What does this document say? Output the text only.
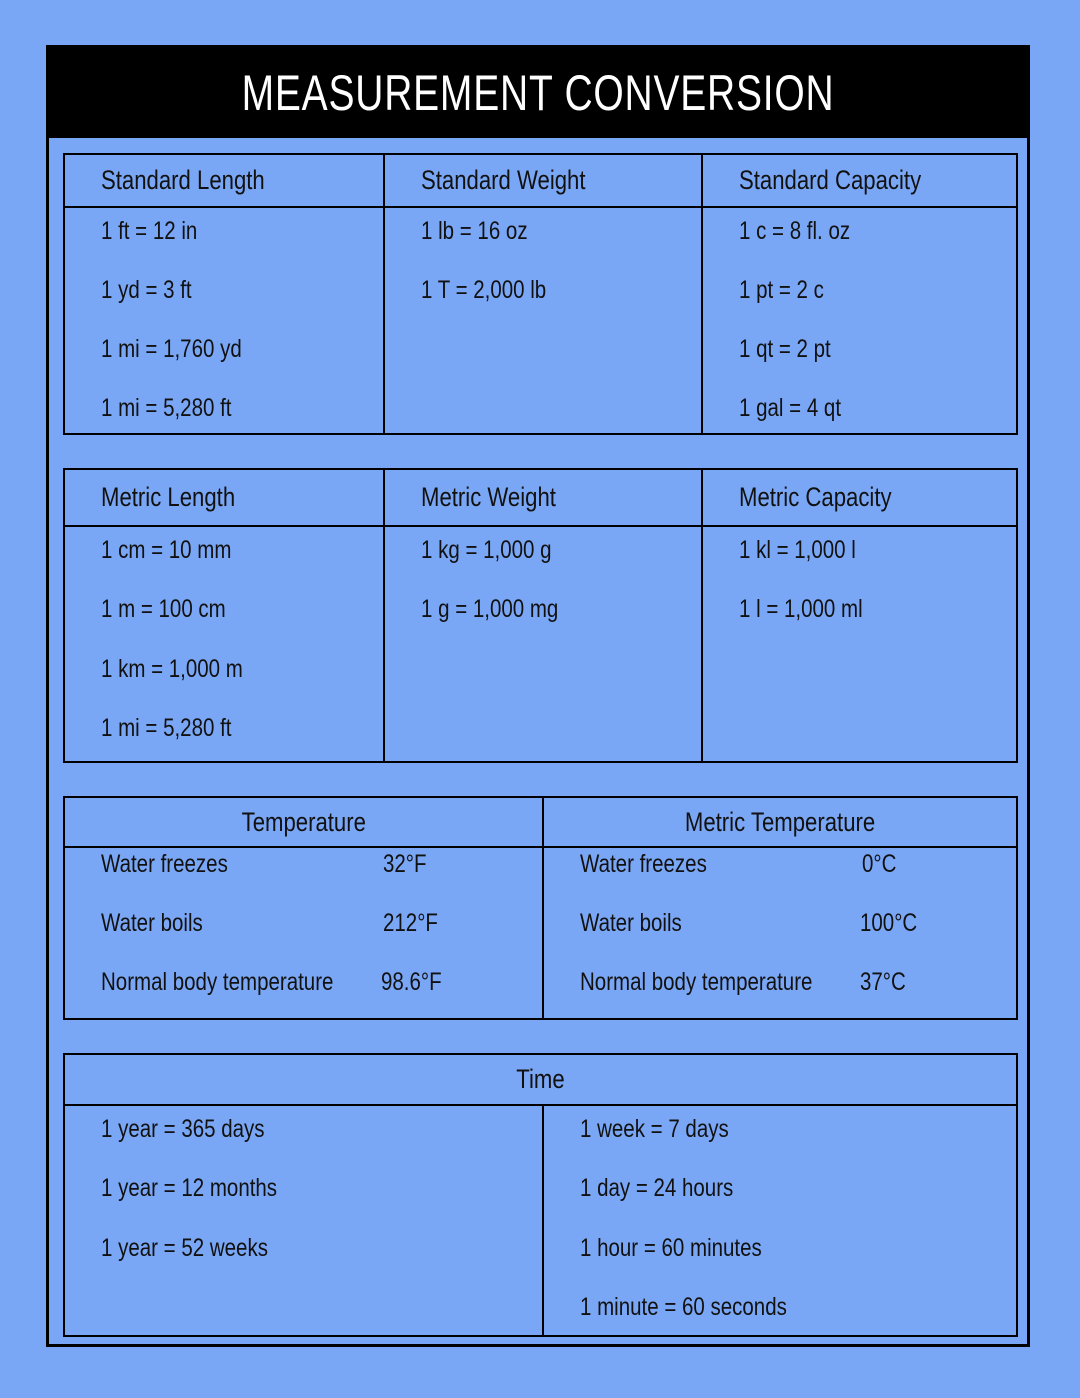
MEASUREMENT CONVERSION
Standard Length
1 ft = 12 in
1 yd = 3 ft
1 mi = 1,760 yd
1 mi = 5,280 ft
Standard Weight
1 lb = 16 oz
1 T = 2,000 lb
Standard Capacity
1 c = 8 fl. oz
1 pt = 2 c
1 qt = 2 pt
1 gal = 4 qt
Metric Length
1 cm = 10 mm
1 m = 100 cm
1 km = 1,000 m
1 mi = 5,280 ft
Metric Weight
1 kg = 1,000 g
1 g = 1,000 mg
Metric Capacity
1 kl = 1,000 l
1 l = 1,000 ml
Temperature
Water freezes	32°F
Water boils	212°F
Normal body temperature	98.6°F
Metric Temperature
Water freezes	0°C
Water boils	100°C
Normal body temperature	37°C
Time
1 year = 365 days
1 year = 12 months
1 year = 52 weeks
1 week = 7 days
1 day = 24 hours
1 hour = 60 minutes
1 minute = 60 seconds
